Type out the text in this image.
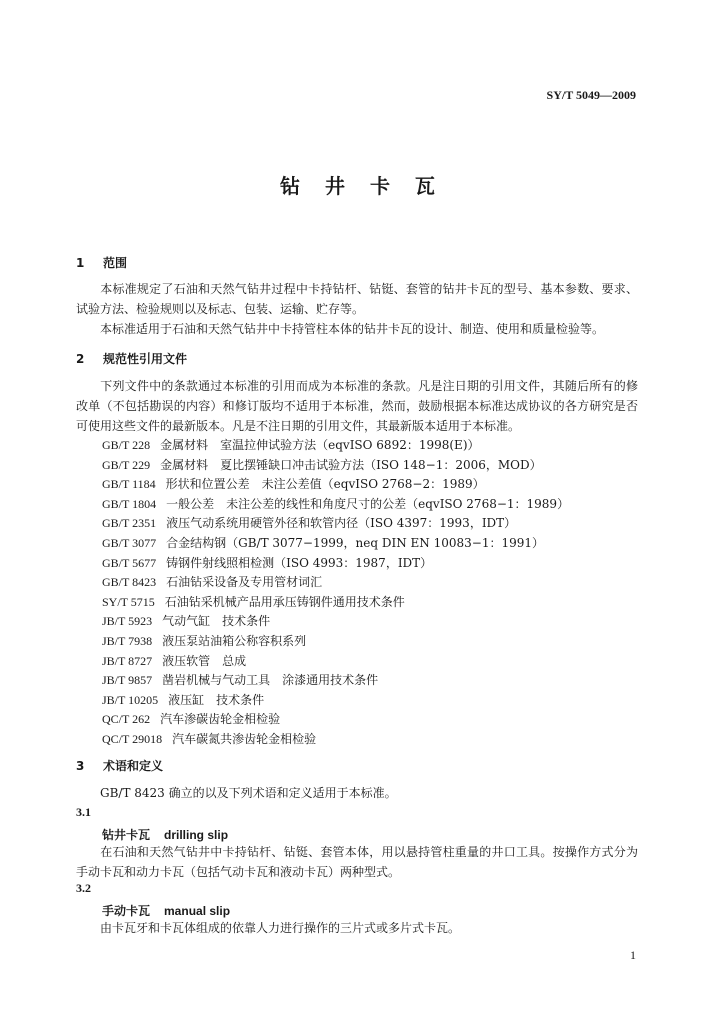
SY/T 5049—2009
钻 井 卡 瓦
1 范围
本标准规定了石油和天然气钻井过程中卡持钻杆、钻铤、套管的钻井卡瓦的型号、基本参数、要求、试验方法、检验规则以及标志、包装、运输、贮存等。
本标准适用于石油和天然气钻井中卡持管柱本体的钻井卡瓦的设计、制造、使用和质量检验等。
2 规范性引用文件
下列文件中的条款通过本标准的引用而成为本标准的条款。凡是注日期的引用文件，其随后所有的修改单（不包括勘误的内容）和修订版均不适用于本标准，然而，鼓励根据本标准达成协议的各方研究是否可使用这些文件的最新版本。凡是不注日期的引用文件，其最新版本适用于本标准。
GB/T 228 金属材料　室温拉伸试验方法（eqvISO 6892：1998(E)）
GB/T 229 金属材料　夏比摆锤缺口冲击试验方法（ISO 148−1：2006，MOD）
GB/T 1184 形状和位置公差　未注公差值（eqvISO 2768−2：1989）
GB/T 1804 一般公差　未注公差的线性和角度尺寸的公差（eqvISO 2768−1：1989）
GB/T 2351 液压气动系统用硬管外径和软管内径（ISO 4397：1993，IDT）
GB/T 3077 合金结构钢（GB/T 3077−1999，neq DIN EN 10083−1：1991）
GB/T 5677 铸钢件射线照相检测（ISO 4993：1987，IDT）
GB/T 8423 石油钻采设备及专用管材词汇
SY/T 5715 石油钻采机械产品用承压铸钢件通用技术条件
JB/T 5923 气动气缸　技术条件
JB/T 7938 液压泵站油箱公称容积系列
JB/T 8727 液压软管　总成
JB/T 9857 凿岩机械与气动工具　涂漆通用技术条件
JB/T 10205 液压缸　技术条件
QC/T 262 汽车渗碳齿轮金相检验
QC/T 29018 汽车碳氮共渗齿轮金相检验
3 术语和定义
GB/T 8423 确立的以及下列术语和定义适用于本标准。
3.1
钻井卡瓦 drilling slip
在石油和天然气钻井中卡持钻杆、钻铤、套管本体，用以悬持管柱重量的井口工具。按操作方式分为手动卡瓦和动力卡瓦（包括气动卡瓦和液动卡瓦）两种型式。
3.2
手动卡瓦 manual slip
由卡瓦牙和卡瓦体组成的依靠人力进行操作的三片式或多片式卡瓦。
1
